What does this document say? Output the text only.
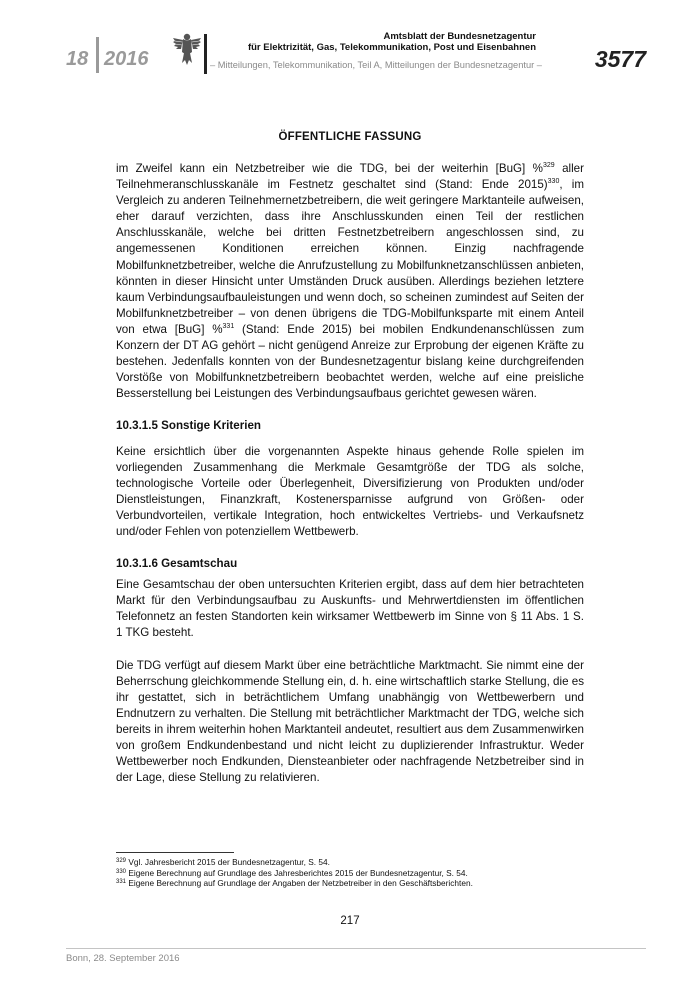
18 2016
Amtsblatt der Bundesnetzagentur
für Elektrizität, Gas, Telekommunikation, Post und Eisenbahnen
– Mitteilungen, Telekommunikation, Teil A, Mitteilungen der Bundesnetzagentur –	3577
ÖFFENTLICHE FASSUNG

im Zweifel kann ein Netzbetreiber wie die TDG, bei der weiterhin [BuG] %$^{329}$ aller Teilnehmeranschlusskanäle im Festnetz geschaltet sind (Stand: Ende 2015)$^{330}$, im Vergleich zu anderen Teilnehmernetzbetreibern, die weit geringere Marktanteile aufweisen, eher darauf verzichten, dass ihre Anschlusskunden einen Teil der restlichen Anschlusskanäle, welche bei dritten Festnetzbetreibern angeschlossen sind, zu angemessenen Konditionen erreichen können. Einzig nachfragende Mobilfunknetzbetreiber, welche die Anrufzustellung zu Mobilfunknetzanschlüssen anbieten, könnten in dieser Hinsicht unter Umständen Druck ausüben. Allerdings beziehen letztere kaum Verbindungsaufbauleistungen und wenn doch, so scheinen zumindest auf Seiten der Mobilfunknetzbetreiber – von denen übrigens die TDG-Mobilfunksparte mit einem Anteil von etwa [BuG] %$^{331}$ (Stand: Ende 2015) bei mobilen Endkundenanschlüssen zum Konzern der DT AG gehört – nicht genügend Anreize zur Erprobung der eigenen Kräfte zu bestehen. Jedenfalls konnten von der Bundesnetzagentur bislang keine durchgreifenden Vorstöße von Mobilfunknetzbetreibern beobachtet werden, welche auf eine preisliche Besserstellung bei Leistungen des Verbindungsaufbaus gerichtet gewesen wären.

10.3.1.5 Sonstige Kriterien

Keine ersichtlich über die vorgenannten Aspekte hinaus gehende Rolle spielen im vorliegenden Zusammenhang die Merkmale Gesamtgröße der TDG als solche, technologische Vorteile oder Überlegenheit, Diversifizierung von Produkten und/oder Dienstleistungen, Finanzkraft, Kostenersparnisse aufgrund von Größen- oder Verbundvorteilen, vertikale Integration, hoch entwickeltes Vertriebs- und Verkaufsnetz und/oder Fehlen von potenziellem Wettbewerb.

10.3.1.6 Gesamtschau

Eine Gesamtschau der oben untersuchten Kriterien ergibt, dass auf dem hier betrachteten Markt für den Verbindungsaufbau zu Auskunfts- und Mehrwertdiensten im öffentlichen Telefonnetz an festen Standorten kein wirksamer Wettbewerb im Sinne von § 11 Abs. 1 S. 1 TKG besteht.

Die TDG verfügt auf diesem Markt über eine beträchtliche Marktmacht. Sie nimmt eine der Beherrschung gleichkommende Stellung ein, d. h. eine wirtschaftlich starke Stellung, die es ihr gestattet, sich in beträchtlichem Umfang unabhängig von Wettbewerbern und Endnutzern zu verhalten. Die Stellung mit beträchtlicher Marktmacht der TDG, welche sich bereits in ihrem weiterhin hohen Marktanteil andeutet, resultiert aus dem Zusammenwirken von großem Endkundenbestand und nicht leicht zu duplizierender Infrastruktur. Weder Wettbewerber noch Endkunden, Diensteanbieter oder nachfragende Netzbetreiber sind in der Lage, diese Stellung zu relativieren.

$^{329}$ Vgl. Jahresbericht 2015 der Bundesnetzagentur, S. 54.
$^{330}$ Eigene Berechnung auf Grundlage des Jahresberichtes 2015 der Bundesnetzagentur, S. 54.
$^{331}$ Eigene Berechnung auf Grundlage der Angaben der Netzbetreiber in den Geschäftsberichten.
217
Bonn, 28. September 2016
